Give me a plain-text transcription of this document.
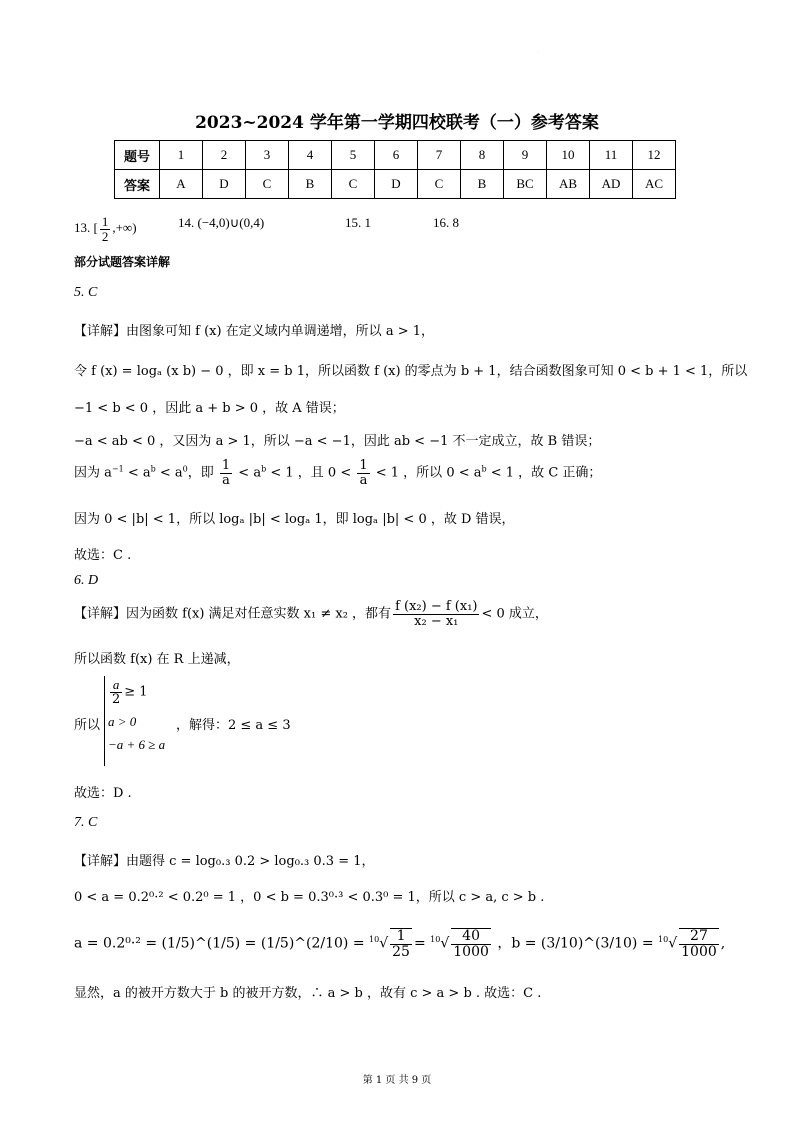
.
2023~2024 学年第一学期四校联考（一）参考答案
题号	1	2	3	4	5	6	7	8	9	10	11	12
答案	A	D	C	B	C	D	C	B	BC	AB	AD	AC
13. [ $\frac{1}{2}$ ,+∞)	14. (−4,0)∪(0,4)	15. 1	16. 8
部分试题答案详解
5. C
【详解】由图象可知 f (x) 在定义域内单调递增，所以 a > 1，
令 f (x) = logₐ (x b) − 0 ，即 x = b 1，所以函数 f (x) 的零点为 b + 1，结合函数图象可知 0 < b + 1 < 1，所以
−1 < b < 0 ，因此 a + b > 0 ，故 A 错误；
−a < ab < 0 ，又因为 a > 1，所以 −a < −1，因此 ab < −1 不一定成立，故 B 错误；
因为 $a^{-1} < a^b < a^0$，即 $\frac{1}{a} < a^b < 1$ ，且 $0 < \frac{1}{a} < 1$ ，所以 $0 < a^b < 1$ ，故 C 正确；
因为 0 < |b| < 1，所以 logₐ |b| < logₐ 1，即 logₐ |b| < 0 ，故 D 错误，
故选：C .
6. D
【详解】因为函数 f(x) 满足对任意实数 x₁ ≠ x₂ ，都有 $\frac{\text{f (x₂) − f (x₁)}}{\text{x₂ − x₁}} < 0$ 成立，
所以函数 f(x) 在 R 上递减，
所以
$\frac{a}{2} \ge 1$
a > 0
−a + 6 ≥ a
，解得：2 ≤ a ≤ 3
故选：D .
7. C
【详解】由题得 c = log₀.₃ 0.2 > log₀.₃ 0.3 = 1，
0 < a = 0.2⁰·² < 0.2⁰ = 1 ，0 < b = 0.3⁰·³ < 0.3⁰ = 1，所以 c > a, c > b .
a = 0.2⁰·² = (1/5)^(1/5) = (1/5)^(2/10) = $^{10}√ \frac{1}{25} = ^{10}√ \frac{40}{1000}$ ，b = (3/10)^(3/10) = $^{10}√ \frac{27}{1000}$ ,
显然，a 的被开方数大于 b 的被开方数，∴ a > b ，故有 c > a > b . 故选：C .
第 1 页 共 9 页
